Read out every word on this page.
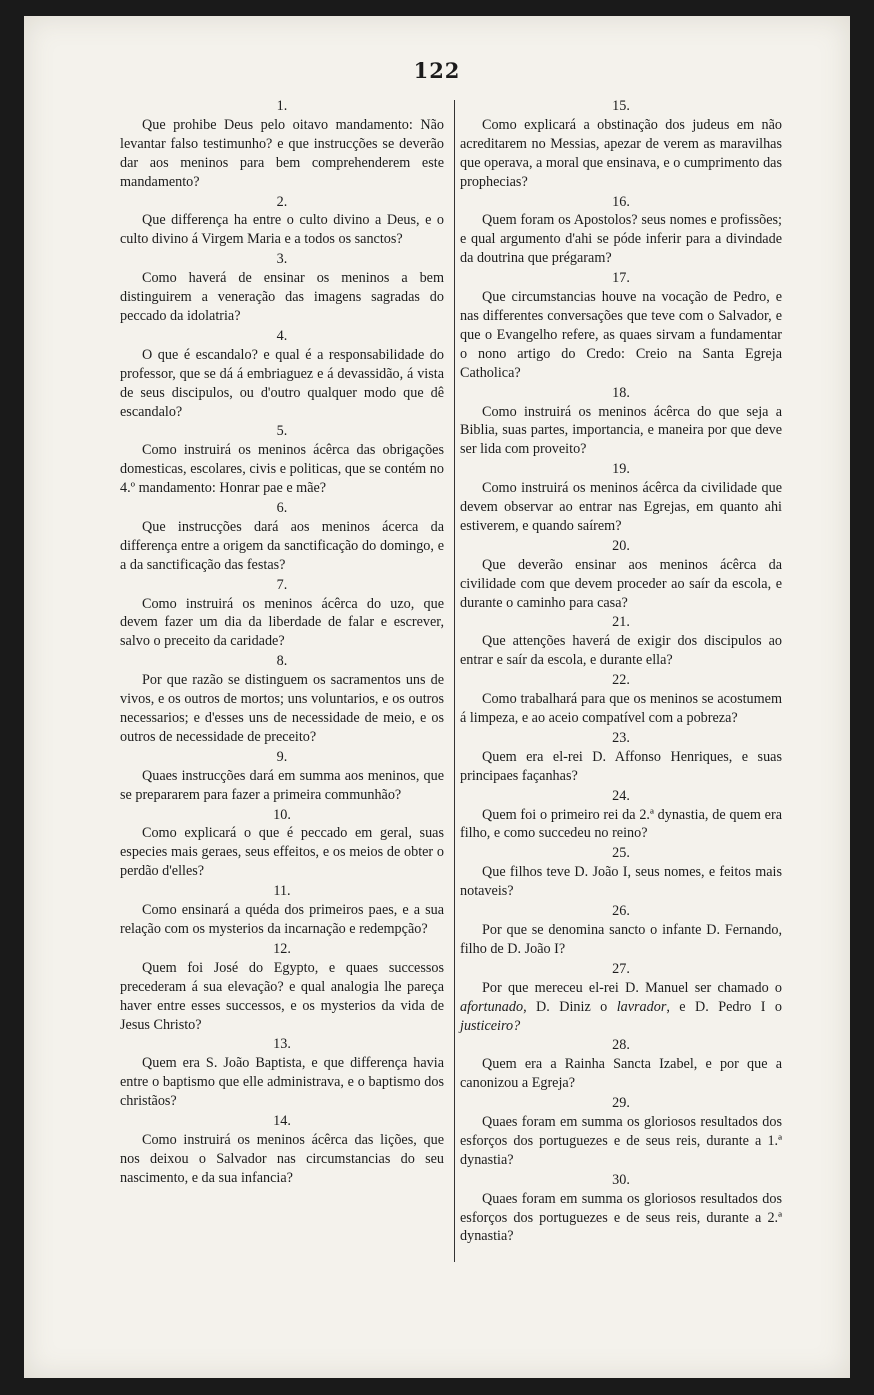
122

1.

Que prohibe Deus pelo oitavo mandamento: Não levantar falso testimunho? e que instrucções se deverão dar aos meninos para bem comprehenderem este mandamento?

2.

Que differença ha entre o culto divino a Deus, e o culto divino á Virgem Maria e a todos os sanctos?

3.

Como haverá de ensinar os meninos a bem distinguirem a veneração das imagens sagradas do peccado da idolatria?

4.

O que é escandalo? e qual é a responsabilidade do professor, que se dá á embriaguez e á devassidão, á vista de seus discipulos, ou d'outro qualquer modo que dê escandalo?

5.

Como instruirá os meninos ácêrca das obrigações domesticas, escolares, civis e politicas, que se contém no 4.º mandamento: Honrar pae e mãe?

6.

Que instrucções dará aos meninos ácerca da differença entre a origem da sanctificação do domingo, e a da sanctificação das festas?

7.

Como instruirá os meninos ácêrca do uzo, que devem fazer um dia da liberdade de falar e escrever, salvo o preceito da caridade?

8.

Por que razão se distinguem os sacramentos uns de vivos, e os outros de mortos; uns voluntarios, e os outros necessarios; e d'esses uns de necessidade de meio, e os outros de necessidade de preceito?

9.

Quaes instrucções dará em summa aos meninos, que se prepararem para fazer a primeira communhão?

10.

Como explicará o que é peccado em geral, suas especies mais geraes, seus effeitos, e os meios de obter o perdão d'elles?

11.

Como ensinará a quéda dos primeiros paes, e a sua relação com os mysterios da incarnação e redempção?

12.

Quem foi José do Egypto, e quaes successos precederam á sua elevação? e qual analogia lhe pareça haver entre esses successos, e os mysterios da vida de Jesus Christo?

13.

Quem era S. João Baptista, e que differença havia entre o baptismo que elle administrava, e o baptismo dos christãos?

14.

Como instruirá os meninos ácêrca das lições, que nos deixou o Salvador nas circumstancias do seu nascimento, e da sua infancia?

15.

Como explicará a obstinação dos judeus em não acreditarem no Messias, apezar de verem as maravilhas que operava, a moral que ensinava, e o cumprimento das prophecias?

16.

Quem foram os Apostolos? seus nomes e profissões; e qual argumento d'ahi se póde inferir para a divindade da doutrina que prégaram?

17.

Que circumstancias houve na vocação de Pedro, e nas differentes conversações que teve com o Salvador, e que o Evangelho refere, as quaes sirvam a fundamentar o nono artigo do Credo: Creio na Santa Egreja Catholica?

18.

Como instruirá os meninos ácêrca do que seja a Biblia, suas partes, importancia, e maneira por que deve ser lida com proveito?

19.

Como instruirá os meninos ácêrca da civilidade que devem observar ao entrar nas Egrejas, em quanto ahi estiverem, e quando saírem?

20.

Que deverão ensinar aos meninos ácêrca da civilidade com que devem proceder ao saír da escola, e durante o caminho para casa?

21.

Que attenções haverá de exigir dos discipulos ao entrar e saír da escola, e durante ella?

22.

Como trabalhará para que os meninos se acostumem á limpeza, e ao aceio compatível com a pobreza?

23.

Quem era el-rei D. Affonso Henriques, e suas principaes façanhas?

24.

Quem foi o primeiro rei da 2.ª dynastia, de quem era filho, e como succedeu no reino?

25.

Que filhos teve D. João I, seus nomes, e feitos mais notaveis?

26.

Por que se denomina sancto o infante D. Fernando, filho de D. João I?

27.

Por que mereceu el-rei D. Manuel ser chamado o afortunado, D. Diniz o lavrador, e D. Pedro I o justiceiro?

28.

Quem era a Rainha Sancta Izabel, e por que a canonizou a Egreja?

29.

Quaes foram em summa os gloriosos resultados dos esforços dos portuguezes e de seus reis, durante a 1.ª dynastia?

30.

Quaes foram em summa os gloriosos resultados dos esforços dos portuguezes e de seus reis, durante a 2.ª dynastia?
